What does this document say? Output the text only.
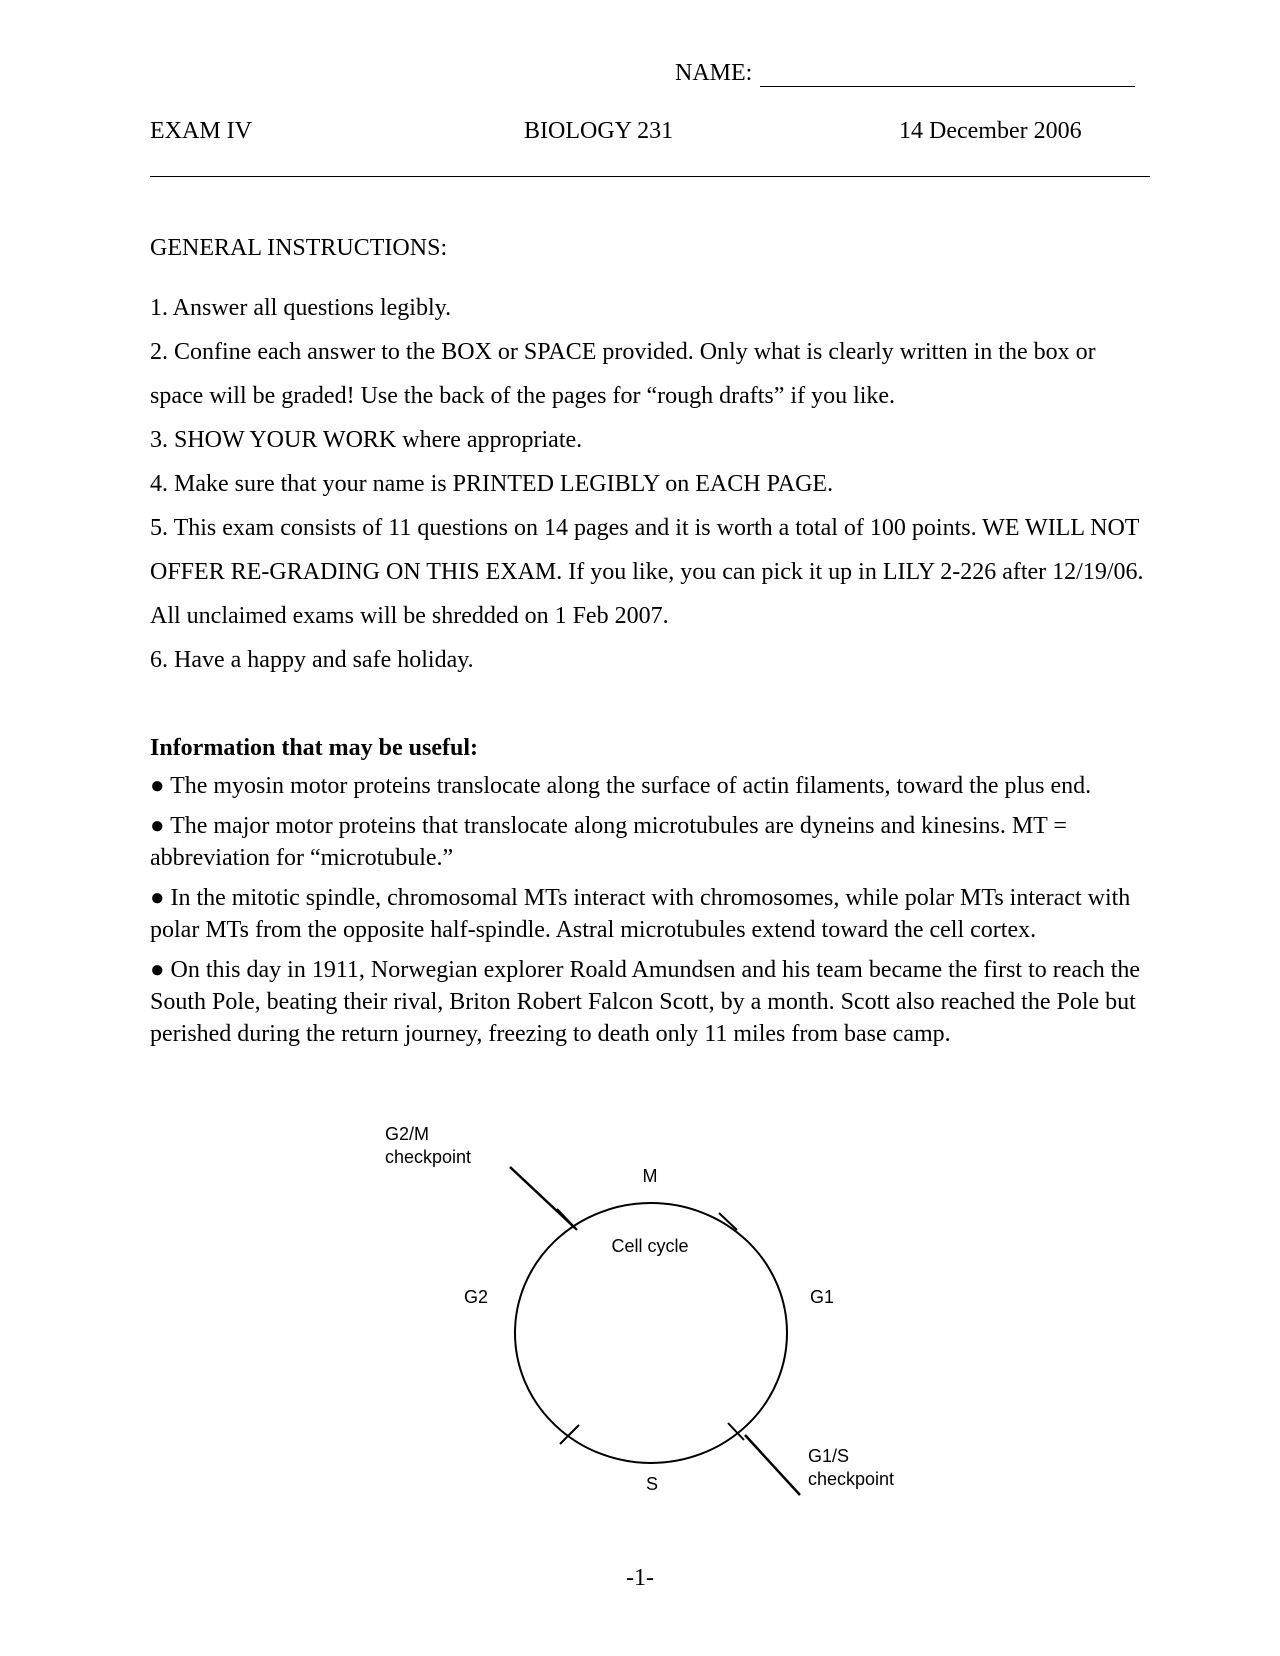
NAME:
EXAM IV	BIOLOGY 231	14 December 2006
GENERAL INSTRUCTIONS:

1. Answer all questions legibly.

2. Confine each answer to the BOX or SPACE provided. Only what is clearly written in the box or space will be graded! Use the back of the pages for “rough drafts” if you like.

3. SHOW YOUR WORK where appropriate.

4. Make sure that your name is PRINTED LEGIBLY on EACH PAGE.

5. This exam consists of 11 questions on 14 pages and it is worth a total of 100 points. WE WILL NOT OFFER RE-GRADING ON THIS EXAM. If you like, you can pick it up in LILY 2-226 after 12/19/06. All unclaimed exams will be shredded on 1 Feb 2007.

6. Have a happy and safe holiday.

Information that may be useful:

● The myosin motor proteins translocate along the surface of actin filaments, toward the plus end.

● The major motor proteins that translocate along microtubules are dyneins and kinesins. MT = abbreviation for “microtubule.”

● In the mitotic spindle, chromosomal MTs interact with chromosomes, while polar MTs interact with polar MTs from the opposite half-spindle. Astral microtubules extend toward the cell cortex.

● On this day in 1911, Norwegian explorer Roald Amundsen and his team became the first to reach the South Pole, beating their rival, Briton Robert Falcon Scott, by a month. Scott also reached the Pole but perished during the return journey, freezing to death only 11 miles from base camp.

Cell cycle
M
G2	G1
S
G2/M
checkpoint
G1/S
checkpoint
-1-
